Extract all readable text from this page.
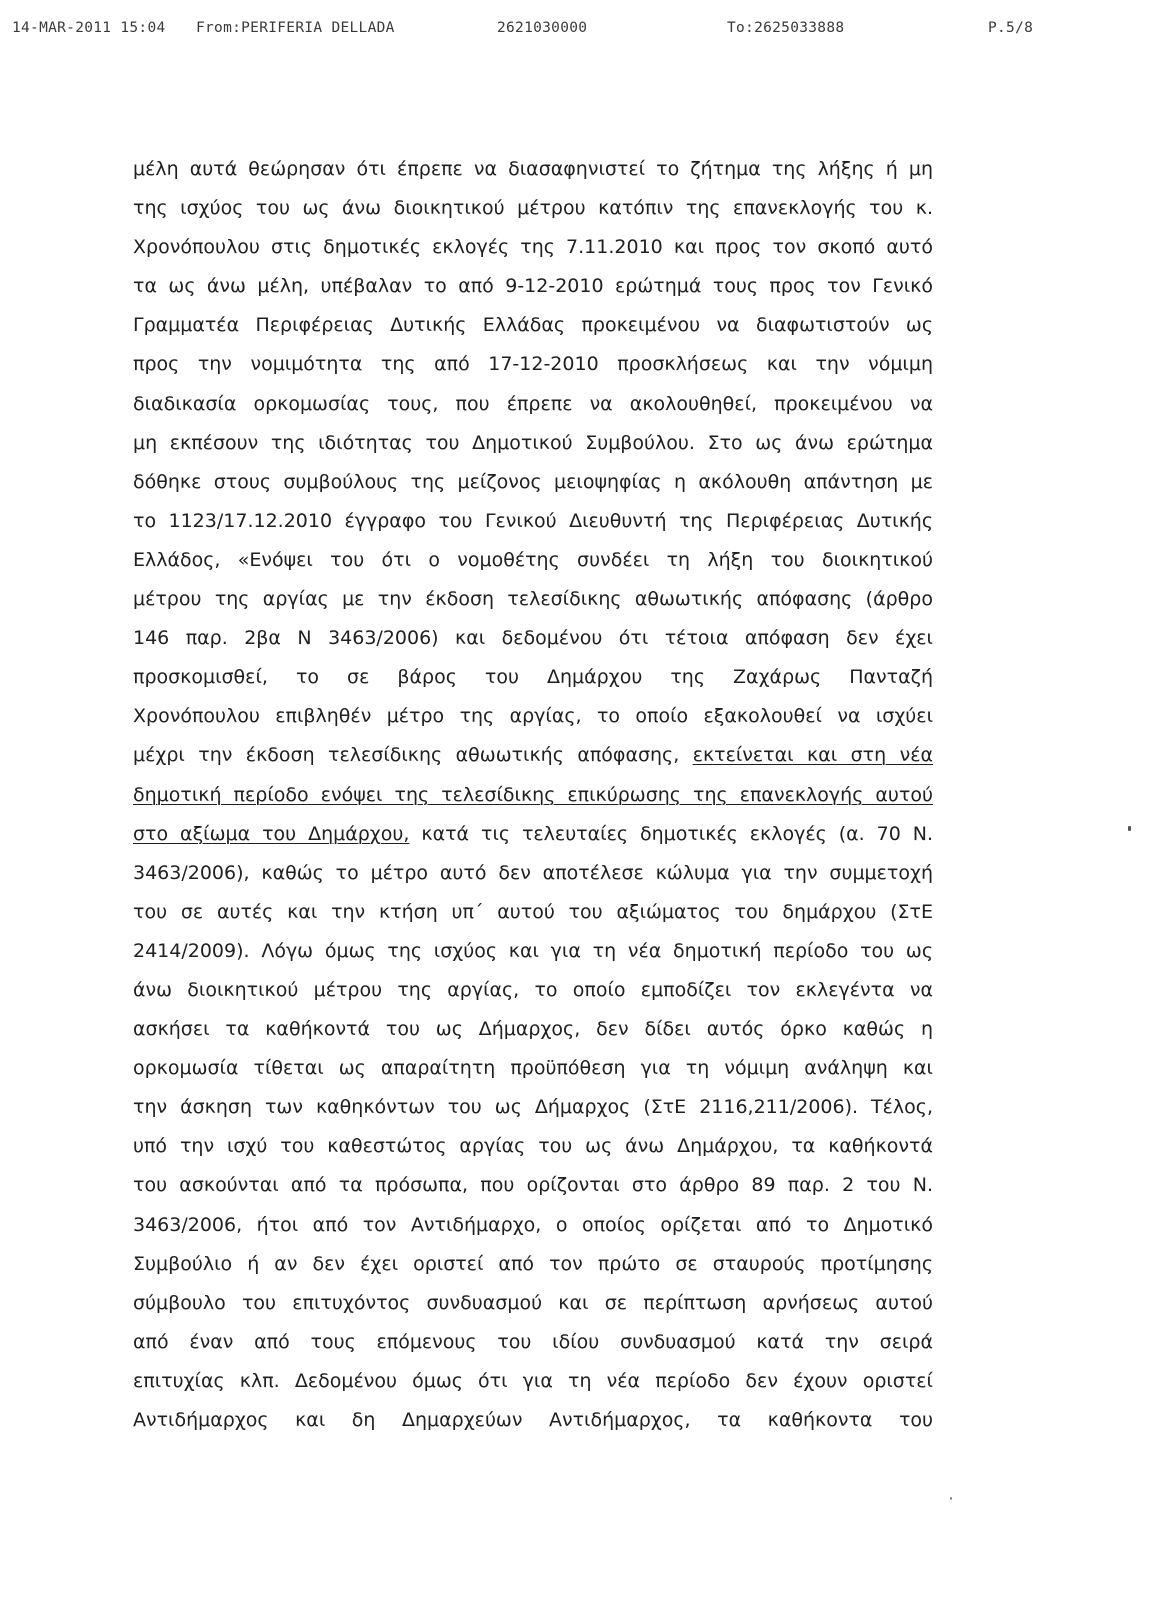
14-MAR-2011 15:04

From:PERIFERIA DELLADA

	2621030000

	To:2625033888

	P.5/8

μέλη αυτά θεώρησαν ότι έπρεπε να διασαφηνιστεί το ζήτημα της λήξης ή μη
της ισχύος του ως άνω διοικητικού μέτρου κατόπιν της επανεκλογής του κ.
Χρονόπουλου στις δημοτικές εκλογές της 7.11.2010 και προς τον σκοπό αυτό
τα ως άνω μέλη, υπέβαλαν το από 9-12-2010 ερώτημά τους προς τον Γενικό
Γραμματέα Περιφέρειας Δυτικής Ελλάδας προκειμένου να διαφωτιστούν ως
προς την νομιμότητα της από 17-12-2010 προσκλήσεως και την νόμιμη
διαδικασία ορκομωσίας τους, που έπρεπε να ακολουθηθεί, προκειμένου να
μη εκπέσουν της ιδιότητας του Δημοτικού Συμβούλου. Στο ως άνω ερώτημα
δόθηκε στους συμβούλους της μείζονος μειοψηφίας η ακόλουθη απάντηση με
το 1123/17.12.2010 έγγραφο του Γενικού Διευθυντή της Περιφέρειας Δυτικής
Ελλάδος, «Ενόψει του ότι ο νομοθέτης συνδέει τη λήξη του διοικητικού
μέτρου της αργίας με την έκδοση τελεσίδικης αθωωτικής απόφασης (άρθρο
146 παρ. 2βα Ν 3463/2006) και δεδομένου ότι τέτοια απόφαση δεν έχει
προσκομισθεί, το σε βάρος του Δημάρχου της Ζαχάρως Πανταζή
Χρονόπουλου επιβληθέν μέτρο της αργίας, το οποίο εξακολουθεί να ισχύει
μέχρι την έκδοση τελεσίδικης αθωωτικής απόφασης, εκτείνεται και στη νέα
δημοτική περίοδο ενόψει της τελεσίδικης επικύρωσης της επανεκλογής αυτού
στο αξίωμα του Δημάρχου, κατά τις τελευταίες δημοτικές εκλογές (α. 70 Ν.
3463/2006), καθώς το μέτρο αυτό δεν αποτέλεσε κώλυμα για την συμμετοχή
του σε αυτές και την κτήση υπ΄ αυτού του αξιώματος του δημάρχου (ΣτΕ
2414/2009). Λόγω όμως της ισχύος και για τη νέα δημοτική περίοδο του ως
άνω διοικητικού μέτρου της αργίας, το οποίο εμποδίζει τον εκλεγέντα να
ασκήσει τα καθήκοντά του ως Δήμαρχος, δεν δίδει αυτός όρκο καθώς η
ορκομωσία τίθεται ως απαραίτητη προϋπόθεση για τη νόμιμη ανάληψη και
την άσκηση των καθηκόντων του ως Δήμαρχος (ΣτΕ 2116,211/2006). Τέλος,
υπό την ισχύ του καθεστώτος αργίας του ως άνω Δημάρχου, τα καθήκοντά
του ασκούνται από τα πρόσωπα, που ορίζονται στο άρθρο 89 παρ. 2 του Ν.
3463/2006, ήτοι από τον Αντιδήμαρχο, ο οποίος ορίζεται από το Δημοτικό
Συμβούλιο ή αν δεν έχει οριστεί από τον πρώτο σε σταυρούς προτίμησης
σύμβουλο του επιτυχόντος συνδυασμού και σε περίπτωση αρνήσεως αυτού
από έναν από τους επόμενους του ιδίου συνδυασμού κατά την σειρά
επιτυχίας κλπ. Δεδομένου όμως ότι για τη νέα περίοδο δεν έχουν οριστεί
Αντιδήμαρχος και δη Δημαρχεύων Αντιδήμαρχος, τα καθήκοντα του
